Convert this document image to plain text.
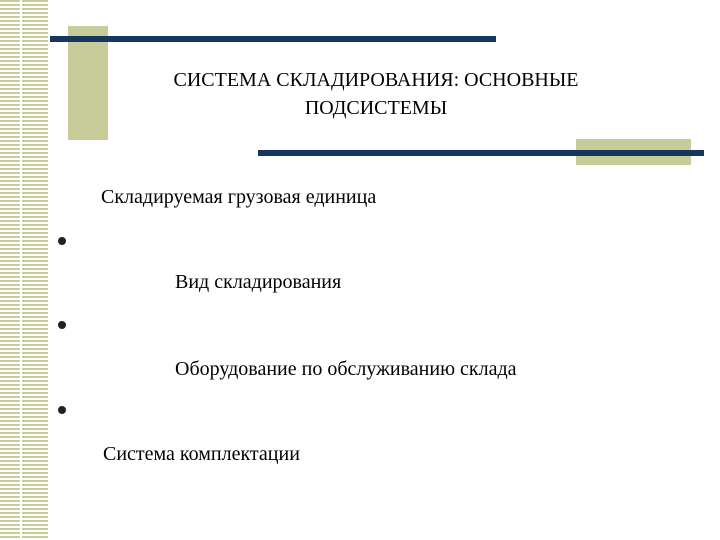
СИСТЕМА СКЛАДИРОВАНИЯ: ОСНОВНЫЕ
ПОДСИСТЕМЫ
Складируемая грузовая единица
Вид складирования
Оборудование по обслуживанию склада
Система комплектации
